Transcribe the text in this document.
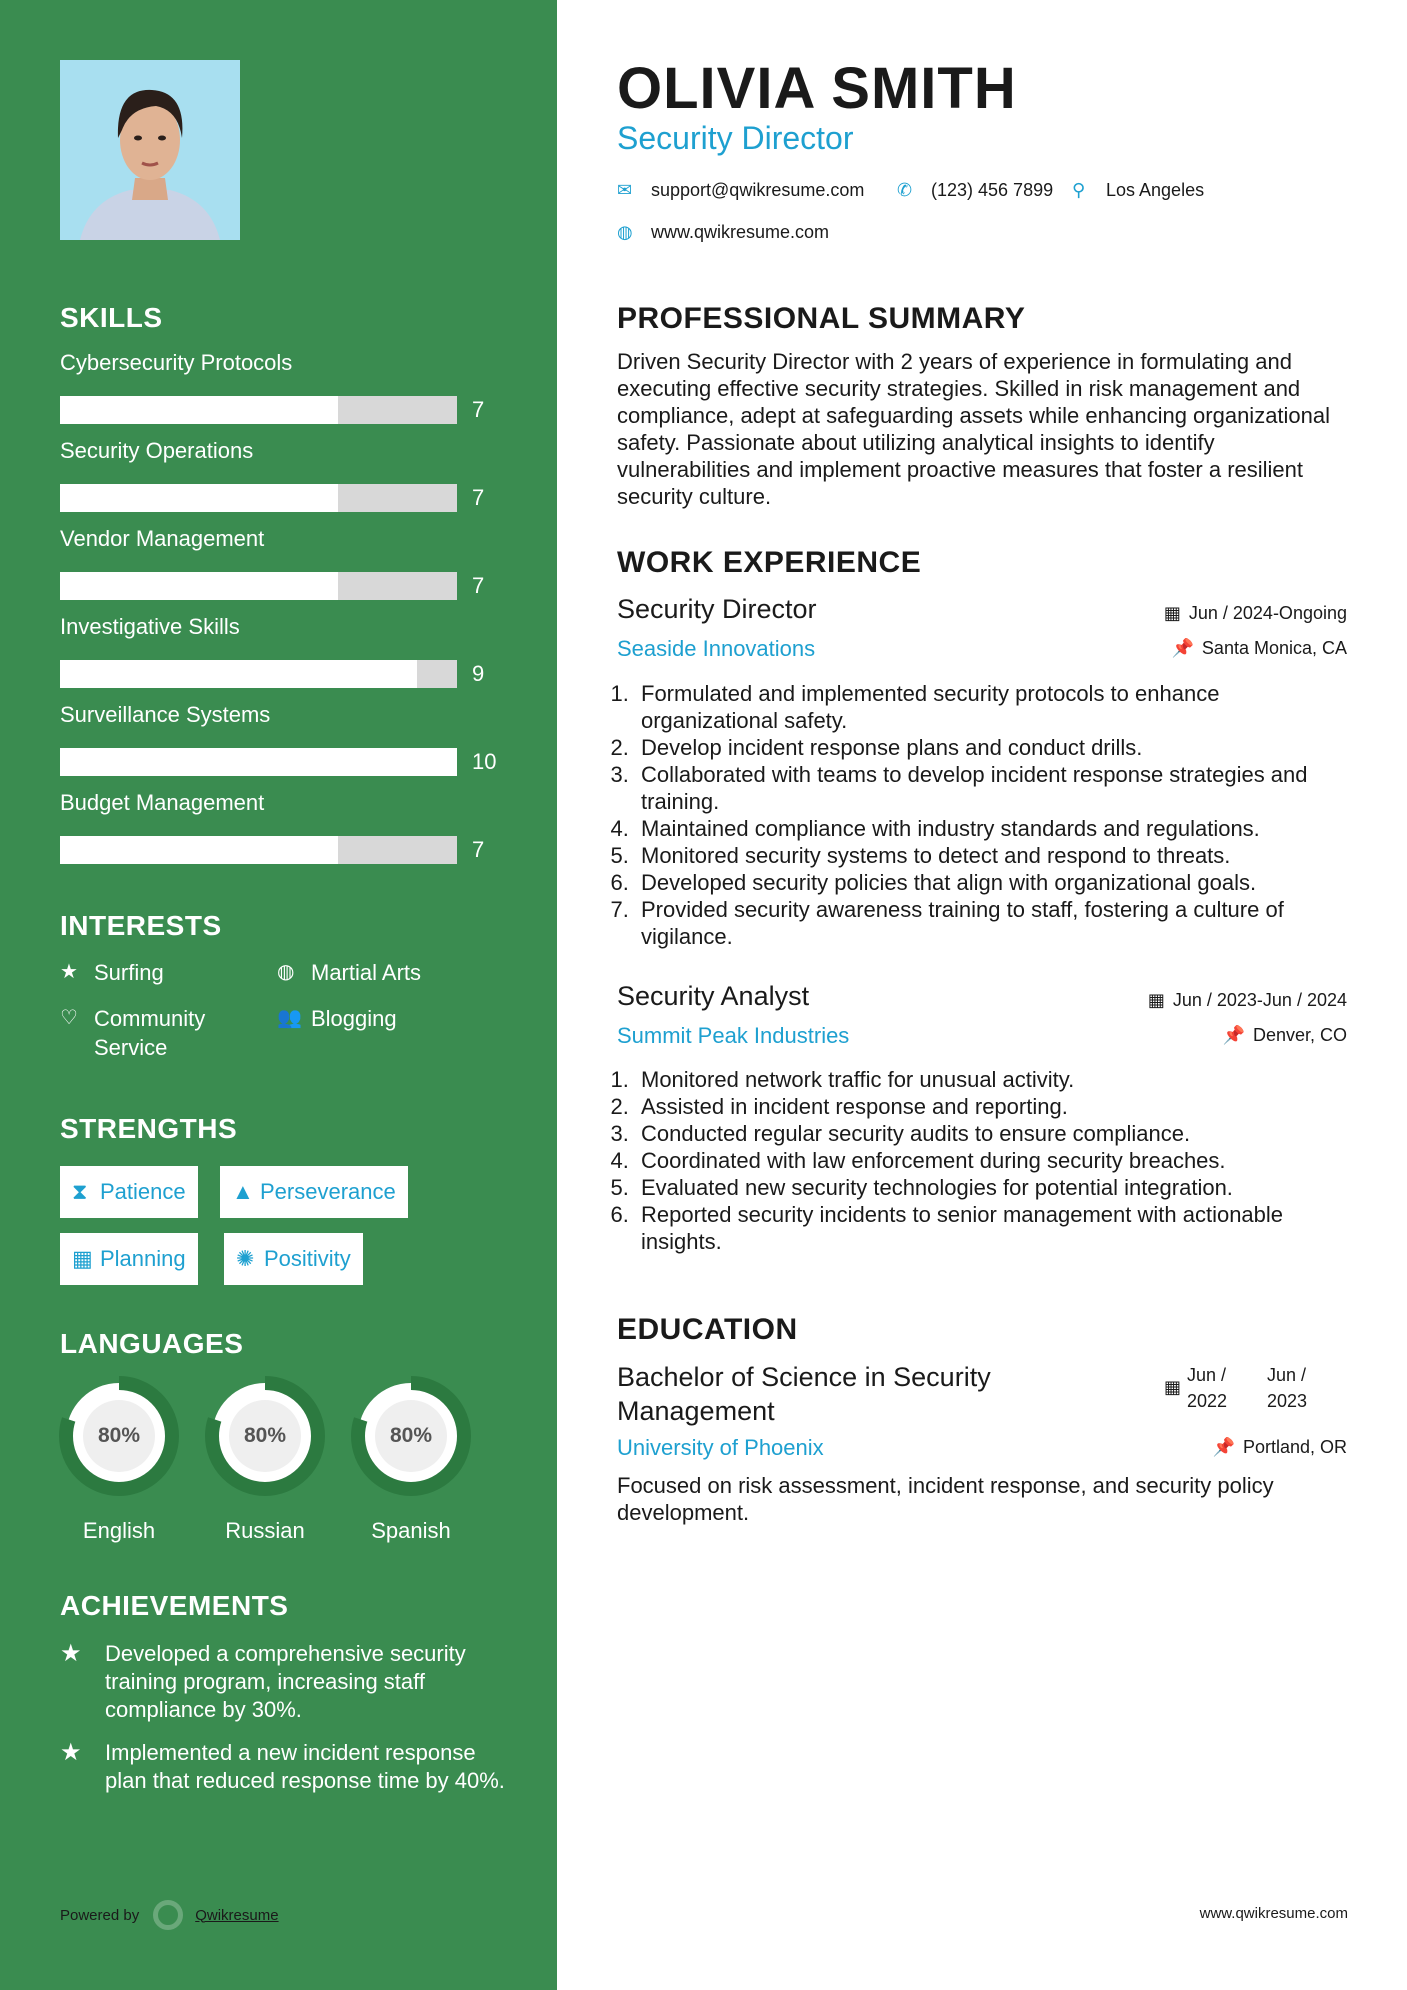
SKILLS
Cybersecurity Protocols
7
Security Operations
7
Vendor Management
7
Investigative Skills
9
Surveillance Systems
10
Budget Management
7
INTERESTS
★ Surfing	◍ Martial Arts
♡ Community Service
👥 Blogging
STRENGTHS
⧗ Patience	▲ Perseverance
▦ Planning	✺ Positivity
LANGUAGES
80%
English
80%
Russian
80%
Spanish
ACHIEVEMENTS
★	Developed a comprehensive security training program, increasing staff compliance by 30%.
★	Implemented a new incident response plan that reduced response time by 40%.
Powered by	Qwikresume
OLIVIA SMITH
Security Director
✉	support@qwikresume.com ✆	(123) 456 7899 ⚲	Los Angeles
◍	www.qwikresume.com
PROFESSIONAL SUMMARY
Driven Security Director with 2 years of experience in formulating and executing effective security strategies. Skilled in risk management and compliance, adept at safeguarding assets while enhancing organizational safety. Passionate about utilizing analytical insights to identify vulnerabilities and implement proactive measures that foster a resilient security culture.
WORK EXPERIENCE
Security Director	▦ Jun / 2024-Ongoing
Seaside Innovations	📌 Santa Monica, CA
1. Formulated and implemented security protocols to enhance organizational safety.
2. Develop incident response plans and conduct drills.
3. Collaborated with teams to develop incident response strategies and training.
4. Maintained compliance with industry standards and regulations.
5. Monitored security systems to detect and respond to threats.
6. Developed security policies that align with organizational goals.
7. Provided security awareness training to staff, fostering a culture of vigilance.
Security Analyst	▦ Jun / 2023-Jun / 2024
Summit Peak Industries	📌 Denver, CO
1. Monitored network traffic for unusual activity.
2. Assisted in incident response and reporting.
3. Conducted regular security audits to ensure compliance.
4. Coordinated with law enforcement during security breaches.
5. Evaluated new security technologies for potential integration.
6. Reported security incidents to senior management with actionable insights.
EDUCATION
Bachelor of Science in Security Management
▦
Jun /
2022
Jun /
2023
University of Phoenix	📌 Portland, OR
Focused on risk assessment, incident response, and security policy development.
www.qwikresume.com
